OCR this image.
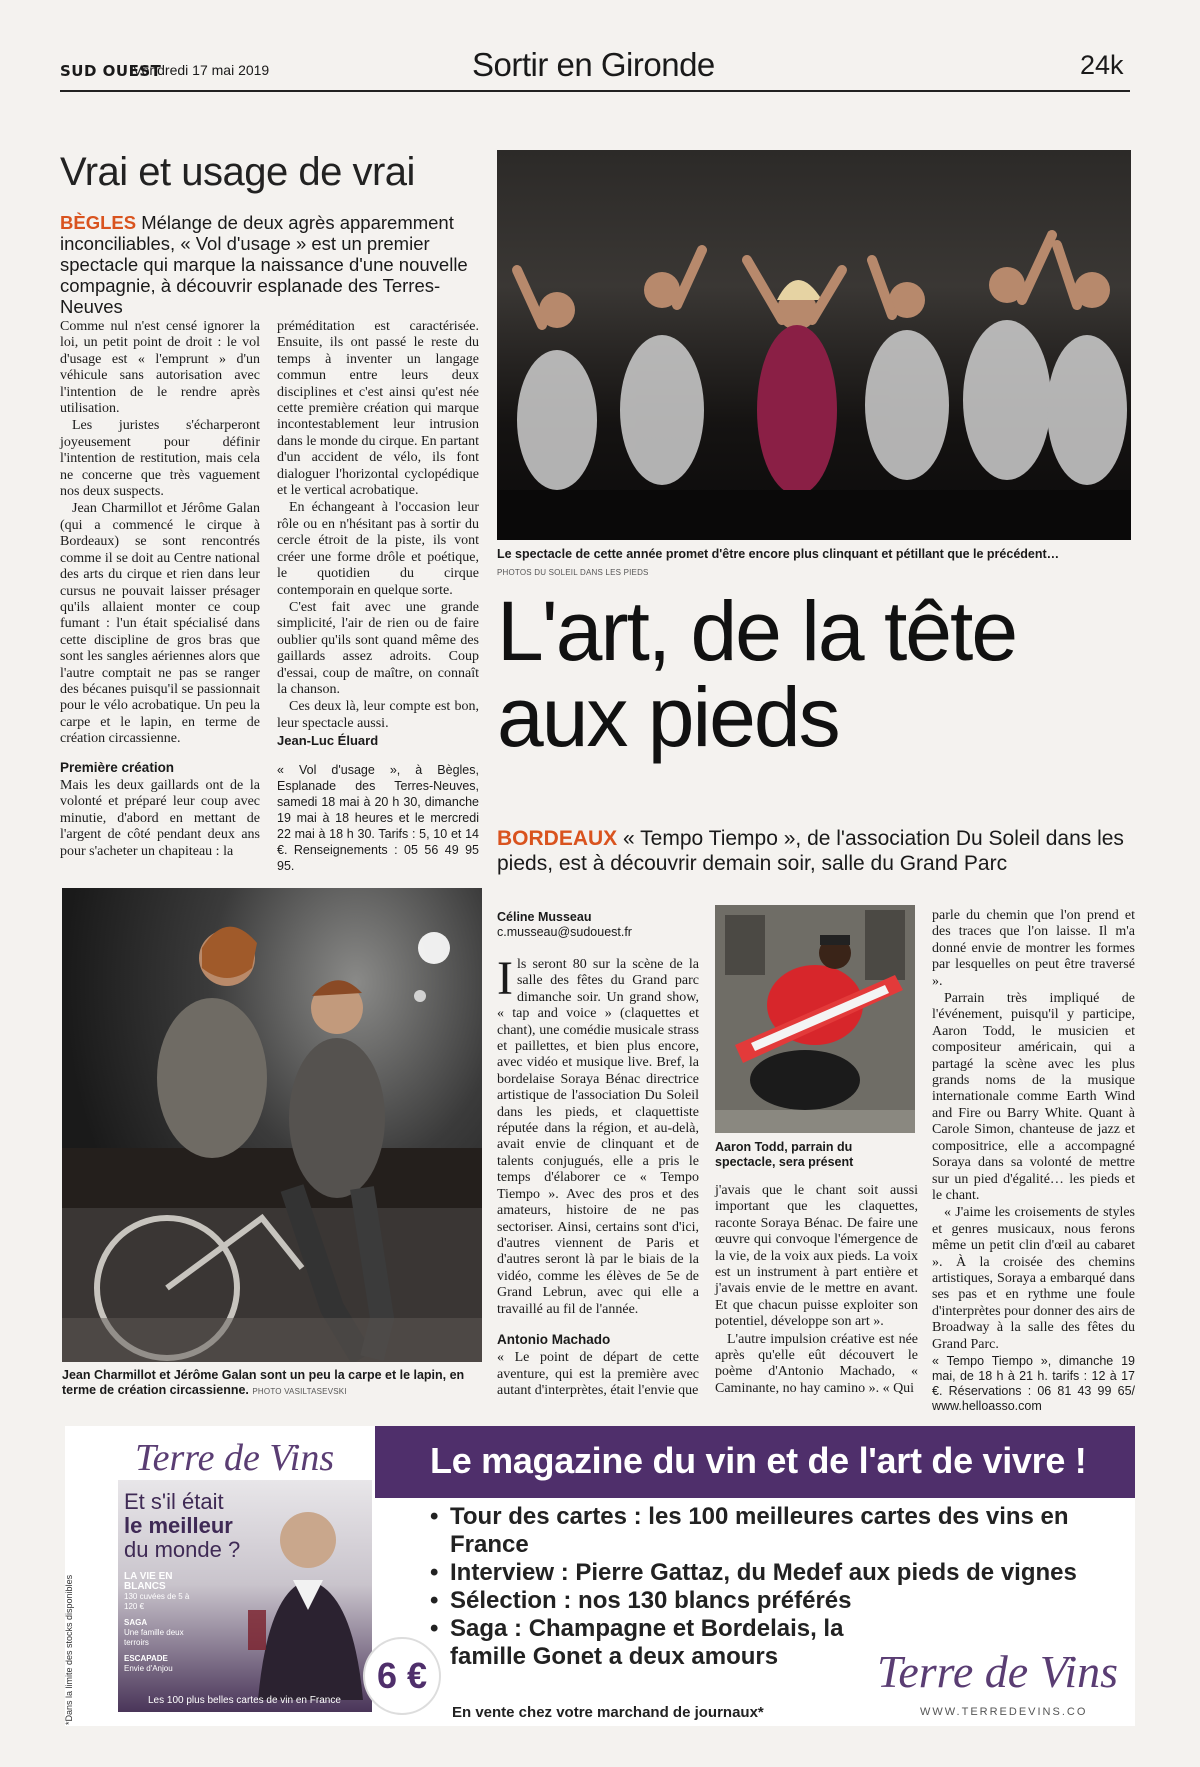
SUD OUEST
Vendredi 17 mai 2019	Sortir en Gironde	24k
Vrai et usage de vrai
BÈGLES Mélange de deux agrès apparemment inconciliables, « Vol d'usage » est un premier spectacle qui marque la naissance d'une nouvelle compagnie, à découvrir esplanade des Terres-Neuves

Comme nul n'est censé ignorer la loi, un petit point de droit : le vol d'usage est « l'emprunt » d'un véhicule sans autorisation avec l'intention de le rendre après utilisation.

Les juristes s'écharperont joyeusement pour définir l'intention de restitution, mais cela ne concerne que très vaguement nos deux suspects.

Jean Charmillot et Jérôme Galan (qui a commencé le cirque à Bordeaux) se sont rencontrés comme il se doit au Centre national des arts du cirque et rien dans leur cursus ne pouvait laisser présager qu'ils allaient monter ce coup fumant : l'un était spécialisé dans cette discipline de gros bras que sont les sangles aériennes alors que l'autre comptait ne pas se ranger des bécanes puisqu'il se passionnait pour le vélo acrobatique. Un peu la carpe et le lapin, en terme de création circassienne.

Première création

Mais les deux gaillards ont de la volonté et préparé leur coup avec minutie, d'abord en mettant de l'argent de côté pendant deux ans pour s'acheter un chapiteau : la

préméditation est caractérisée. Ensuite, ils ont passé le reste du temps à inventer un langage commun entre leurs deux disciplines et c'est ainsi qu'est née cette première création qui marque incontestablement leur intrusion dans le monde du cirque. En partant d'un accident de vélo, ils font dialoguer l'horizontal cyclopédique et le vertical acrobatique.

En échangeant à l'occasion leur rôle ou en n'hésitant pas à sortir du cercle étroit de la piste, ils vont créer une forme drôle et poétique, le quotidien du cirque contemporain en quelque sorte.

C'est fait avec une grande simplicité, l'air de rien ou de faire oublier qu'ils sont quand même des gaillards assez adroits. Coup d'essai, coup de maître, on connaît la chanson.

Ces deux là, leur compte est bon, leur spectacle aussi.

Jean-Luc Éluard

« Vol d'usage », à Bègles, Esplanade des Terres-Neuves, samedi 18 mai à 20 h 30, dimanche 19 mai à 18 heures et le mercredi 22 mai à 18 h 30. Tarifs : 5, 10 et 14 €. Renseignements : 05 56 49 95 95.
Jean Charmillot et Jérôme Galan sont un peu la carpe et le lapin, en terme de création circassienne. PHOTO VASILTASEVSKI
Le spectacle de cette année promet d'être encore plus clinquant et pétillant que le précédent…
PHOTOS DU SOLEIL DANS LES PIEDS
L'art, de la tête
aux pieds
BORDEAUX « Tempo Tiempo », de l'association Du Soleil dans les pieds, est à découvrir demain soir, salle du Grand Parc
Céline Musseau
c.musseau@sudouest.fr

Ils seront 80 sur la scène de la salle des fêtes du Grand parc dimanche soir. Un grand show, « tap and voice » (claquettes et chant), une comédie musicale strass et paillettes, et bien plus encore, avec vidéo et musique live. Bref, la bordelaise Soraya Bénac directrice artistique de l'association Du Soleil dans les pieds, et claquettiste réputée dans la région, et au-delà, avait envie de clinquant et de talents conjugués, elle a pris le temps d'élaborer ce « Tempo Tiempo ». Avec des pros et des amateurs, histoire de ne pas sectoriser. Ainsi, certains sont d'ici, d'autres viennent de Paris et d'autres seront là par le biais de la vidéo, comme les élèves de 5e de Grand Lebrun, avec qui elle a travaillé au fil de l'année.

Antonio Machado

« Le point de départ de cette aventure, qui est la première avec autant d'interprètes, était l'envie que

Aaron Todd, parrain du spectacle, sera présent

j'avais que le chant soit aussi important que les claquettes, raconte Soraya Bénac. De faire une œuvre qui convoque l'émergence de la vie, de la voix aux pieds. La voix est un instrument à part entière et j'avais envie de le mettre en avant. Et que chacun puisse exploiter son potentiel, développe son art ».

L'autre impulsion créative est née après qu'elle eût découvert le poème d'Antonio Machado, « Caminante, no hay camino ». « Qui

parle du chemin que l'on prend et des traces que l'on laisse. Il m'a donné envie de montrer les formes par lesquelles on peut être traversé ».

Parrain très impliqué de l'événement, puisqu'il y participe, Aaron Todd, le musicien et compositeur américain, qui a partagé la scène avec les plus grands noms de la musique internationale comme Earth Wind and Fire ou Barry White. Quant à Carole Simon, chanteuse de jazz et compositrice, elle a accompagné Soraya dans sa volonté de mettre sur un pied d'égalité… les pieds et le chant.

« J'aime les croisements de styles et genres musicaux, nous ferons même un petit clin d'œil au cabaret ». À la croisée des chemins artistiques, Soraya a embarqué dans ses pas et en rythme une foule d'interprètes pour donner des airs de Broadway à la salle des fêtes du Grand Parc.

« Tempo Tiempo », dimanche 19 mai, de 18 h à 21 h. tarifs : 12 à 17 €. Réservations : 06 81 43 99 65/ www.helloasso.com

Terre de Vins	Le magazine du vin et de l'art de vivre !
Et s'il était
le meilleur
du monde ?
LA VIE EN BLANCS
130 cuvées de 5 à 120 €
SAGA
Une famille deux terroirs
ESCAPADE
Envie d'Anjou
Les 100 plus belles cartes de vin en France
• Tour des cartes : les 100 meilleures cartes des vins en France
• Interview : Pierre Gattaz, du Medef aux pieds de vignes
• Sélection : nos 130 blancs préférés
• Saga : Champagne et Bordelais, la famille Gonet a deux amours
6 €
En vente chez votre marchand de journaux*
Terre de Vins
WWW.TERREDEVINS.CO
*Dans la limite des stocks disponibles
